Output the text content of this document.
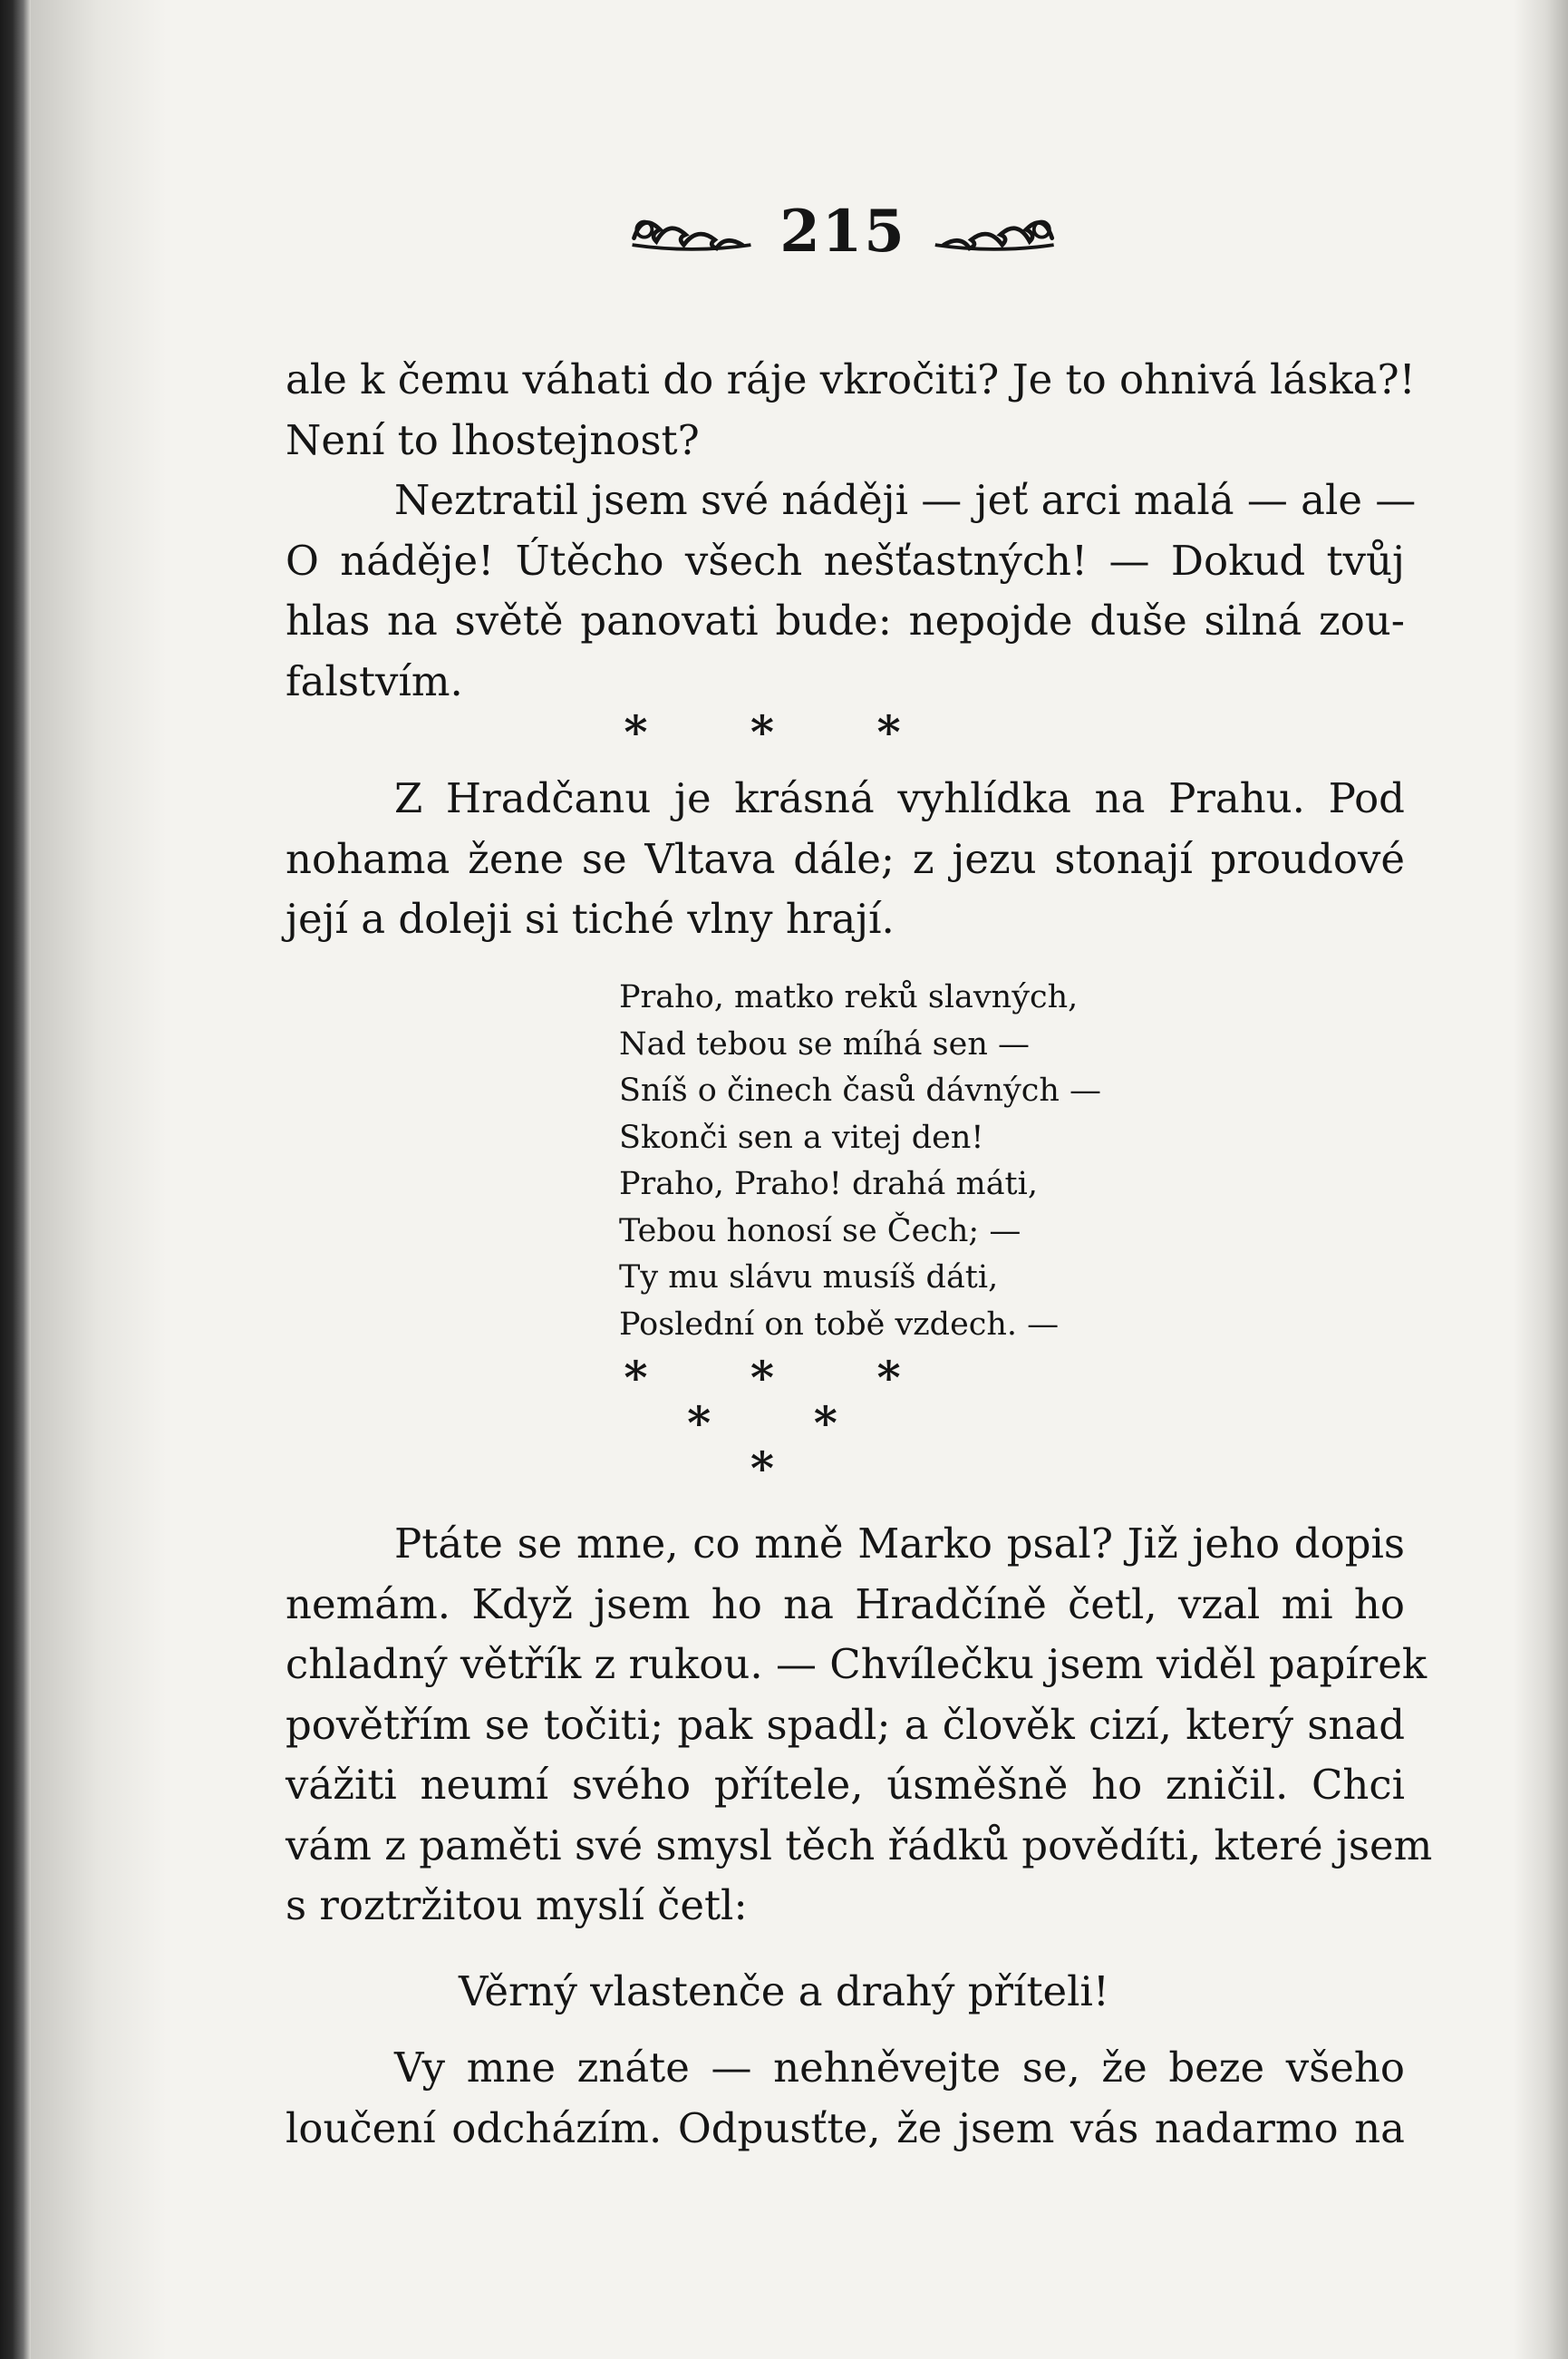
215
ale k čemu váhati do ráje vkročiti? Je to ohnivá láska?!
Není to lhostejnost?
Neztratil jsem své náději — jeť arci malá — ale —
O náděje! Útěcho všech nešťastných! — Dokud tvůj
hlas na světě panovati bude: nepojde duše silná zou-
falstvím.
* * *
Z Hradčanu je krásná vyhlídka na Prahu. Pod
nohama žene se Vltava dále; z jezu stonají proudové
její a doleji si tiché vlny hrají.
Praho, matko reků slavných,
Nad tebou se míhá sen —
Sníš o činech časů dávných —
Skonči sen a vitej den!
Praho, Praho! drahá máti,
Tebou honosí se Čech; —
Ty mu slávu musíš dáti,
Poslední on tobě vzdech. —
* * *
* *
*
Ptáte se mne, co mně Marko psal? Již jeho dopis
nemám. Když jsem ho na Hradčíně četl, vzal mi ho
chladný větřík z rukou. — Chvílečku jsem viděl papírek
povětřím se točiti; pak spadl; a člověk cizí, který snad
vážiti neumí svého přítele, úsměšně ho zničil. Chci
vám z paměti své smysl těch řádků povědíti, které jsem
s roztržitou myslí četl:
Věrný vlastenče a drahý příteli!
Vy mne znáte — nehněvejte se, že beze všeho
loučení odcházím. Odpusťte, že jsem vás nadarmo na
